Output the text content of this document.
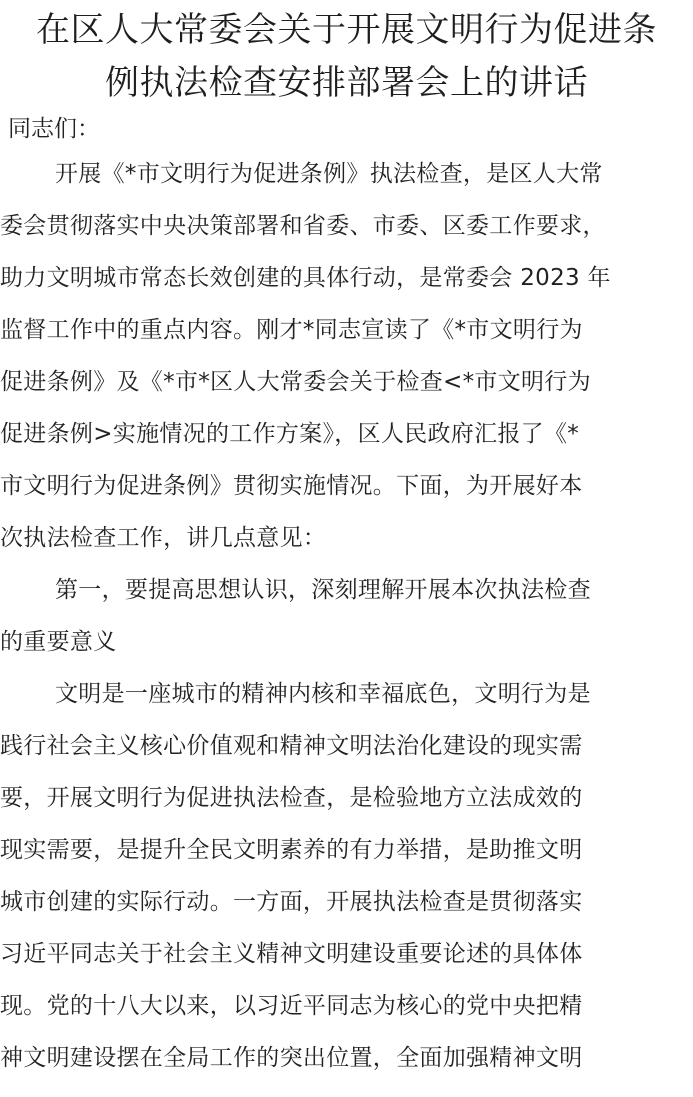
在区人大常委会关于开展文明行为促进条
例执法检查安排部署会上的讲话

同志们：

开展《*市文明行为促进条例》执法检查，是区人大常
委会贯彻落实中央决策部署和省委、市委、区委工作要求，
助力文明城市常态长效创建的具体行动，是常委会 2023 年
监督工作中的重点内容。刚才*同志宣读了《*市文明行为
促进条例》及《*市*区人大常委会关于检查<*市文明行为
促进条例>实施情况的工作方案》，区人民政府汇报了《*
市文明行为促进条例》贯彻实施情况。下面，为开展好本
次执法检查工作，讲几点意见：

第一，要提高思想认识，深刻理解开展本次执法检查
的重要意义

文明是一座城市的精神内核和幸福底色，文明行为是
践行社会主义核心价值观和精神文明法治化建设的现实需
要，开展文明行为促进执法检查，是检验地方立法成效的
现实需要，是提升全民文明素养的有力举措，是助推文明
城市创建的实际行动。一方面，开展执法检查是贯彻落实
习近平同志关于社会主义精神文明建设重要论述的具体体
现。党的十八大以来，以习近平同志为核心的党中央把精
神文明建设摆在全局工作的突出位置，全面加强精神文明
